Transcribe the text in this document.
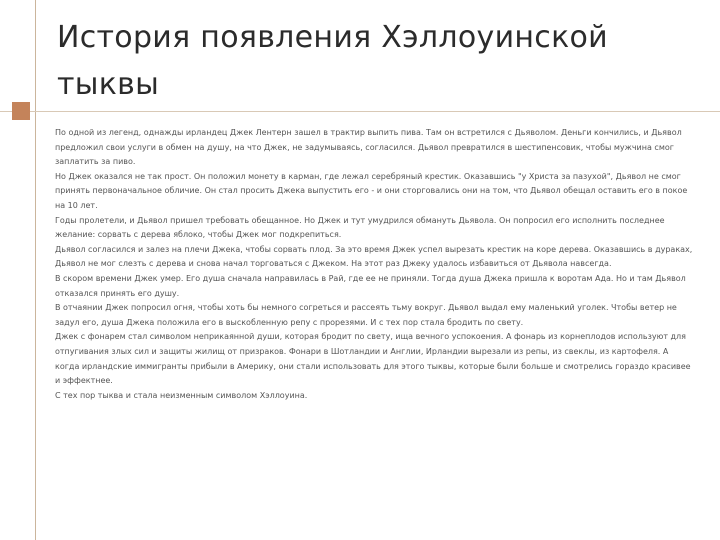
История появления Хэллоуинской тыквы

По одной из легенд, однажды ирландец Джек Лентерн зашел в трактир выпить пива. Там он встретился с Дьяволом. Деньги кончились, и Дьявол предложил свои услуги в обмен на душу, на что Джек, не задумываясь, согласился. Дьявол превратился в шестипенсовик, чтобы мужчина смог заплатить за пиво.

Но Джек оказался не так прост. Он положил монету в карман, где лежал серебряный крестик. Оказавшись "у Христа за пазухой", Дьявол не смог принять первоначальное обличие. Он стал просить Джека выпустить его - и они сторговались они на том, что Дьявол обещал оставить его в покое на 10 лет.

Годы пролетели, и Дьявол пришел требовать обещанное. Но Джек и тут умудрился обмануть Дьявола. Он попросил его исполнить последнее желание: сорвать с дерева яблоко, чтобы Джек мог подкрепиться.

Дьявол согласился и залез на плечи Джека, чтобы сорвать плод. За это время Джек успел вырезать крестик на коре дерева. Оказавшись в дураках, Дьявол не мог слезть с дерева и снова начал торговаться с Джеком. На этот раз Джеку удалось избавиться от Дьявола навсегда.

В скором времени Джек умер. Его душа сначала направилась в Рай, где ее не приняли. Тогда душа Джека пришла к воротам Ада. Но и там Дьявол отказался принять его душу.

В отчаянии Джек попросил огня, чтобы хоть бы немного согреться и рассеять тьму вокруг. Дьявол выдал ему маленький уголек. Чтобы ветер не задул его, душа Джека положила его в выскобленную репу с прорезями. И с тех пор стала бродить по свету.

Джек с фонарем стал символом неприкаянной души, которая бродит по свету, ища вечного успокоения. А фонарь из корнеплодов используют для отпугивания злых сил и защиты жилищ от призраков. Фонари в Шотландии и Англии, Ирландии вырезали из репы, из свеклы, из картофеля. А когда ирландские иммигранты прибыли в Америку, они стали использовать для этого тыквы, которые были больше и смотрелись гораздо красивее и эффектнее.

С тех пор тыква и стала неизменным символом Хэллоуина.
